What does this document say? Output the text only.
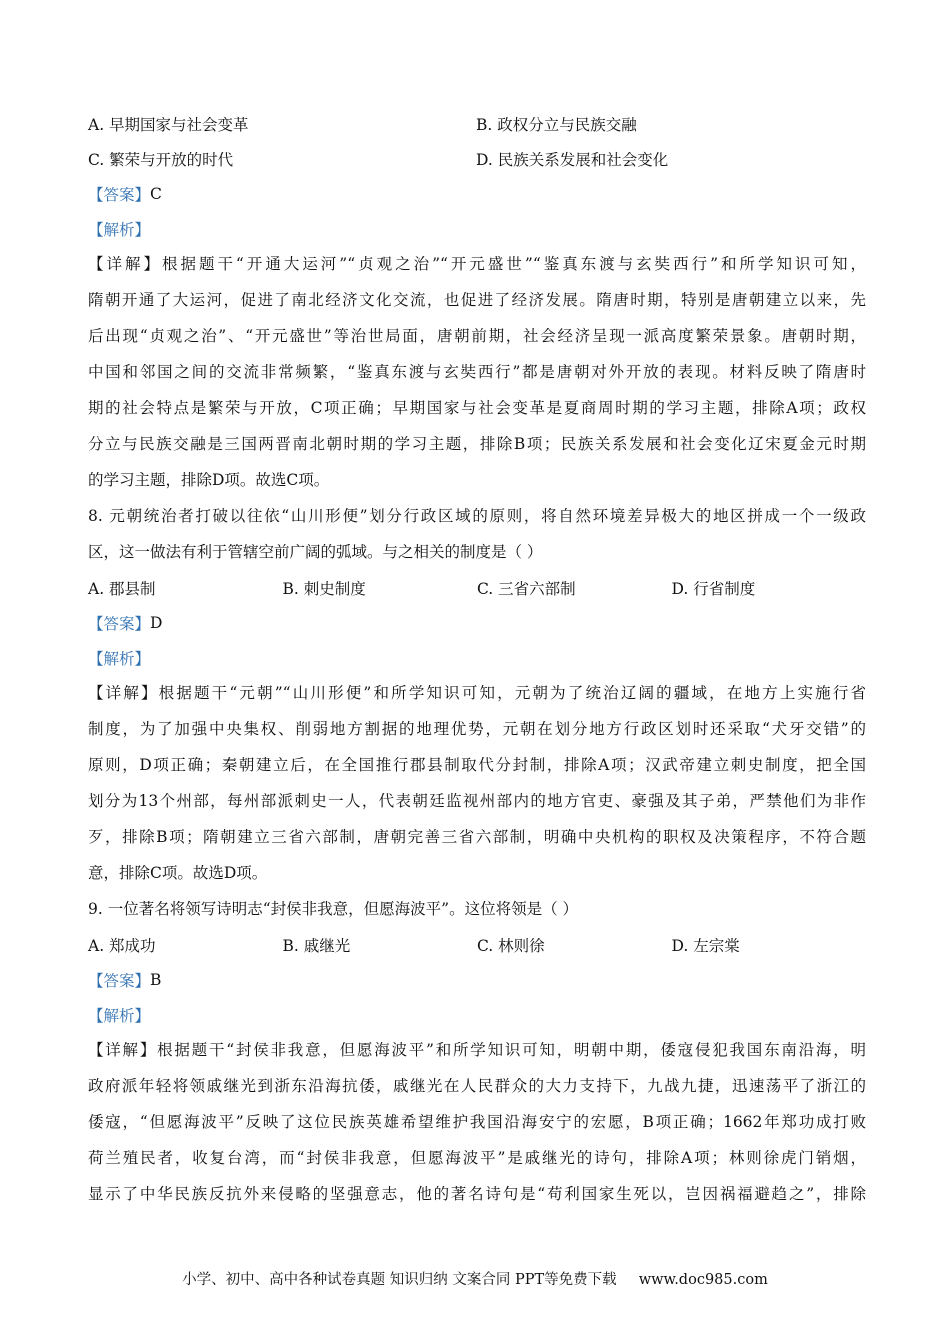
A. 早期国家与社会变革	B. 政权分立与民族交融
C. 繁荣与开放的时代	D. 民族关系发展和社会变化
【答案】 C
【解析】
【详解】根据题干“开通大运河”“贞观之治”“开元盛世”“鉴真东渡与玄奘西行”和所学知识可知，
隋朝开通了大运河，促进了南北经济文化交流，也促进了经济发展。隋唐时期，特别是唐朝建立以来，先
后出现“贞观之治”、“开元盛世”等治世局面，唐朝前期，社会经济呈现一派高度繁荣景象。唐朝时期，
中国和邻国之间的交流非常频繁，“鉴真东渡与玄奘西行”都是唐朝对外开放的表现。材料反映了隋唐时
期的社会特点是繁荣与开放，C项正确；早期国家与社会变革是夏商周时期的学习主题，排除A项；政权
分立与民族交融是三国两晋南北朝时期的学习主题，排除B项；民族关系发展和社会变化辽宋夏金元时期
的学习主题，排除D项。故选C项。
8. 元朝统治者打破以往依“山川形便”划分行政区域的原则，将自然环境差异极大的地区拼成一个一级政
区，这一做法有利于管辖空前广阔的弧域。与之相关的制度是（ ）
A. 郡县制	B. 刺史制度	C. 三省六部制	D. 行省制度
【答案】 D
【解析】
【详解】根据题干“元朝”“山川形便”和所学知识可知，元朝为了统治辽阔的疆域，在地方上实施行省
制度，为了加强中央集权、削弱地方割据的地理优势，元朝在划分地方行政区划时还采取“犬牙交错”的
原则，D项正确；秦朝建立后，在全国推行郡县制取代分封制，排除A项；汉武帝建立刺史制度，把全国
划分为13个州部，每州部派刺史一人，代表朝廷监视州部内的地方官吏、豪强及其子弟，严禁他们为非作
歹，排除B项；隋朝建立三省六部制，唐朝完善三省六部制，明确中央机构的职权及决策程序，不符合题
意，排除C项。故选D项。
9. 一位著名将领写诗明志“封侯非我意，但愿海波平”。这位将领是（ ）
A. 郑成功	B. 戚继光	C. 林则徐	D. 左宗棠
【答案】 B
【解析】
【详解】根据题干“封侯非我意，但愿海波平”和所学知识可知，明朝中期，倭寇侵犯我国东南沿海，明
政府派年轻将领戚继光到浙东沿海抗倭，戚继光在人民群众的大力支持下，九战九捷，迅速荡平了浙江的
倭寇，“但愿海波平”反映了这位民族英雄希望维护我国沿海安宁的宏愿，B项正确；1662年郑功成打败
荷兰殖民者，收复台湾，而“封侯非我意，但愿海波平”是戚继光的诗句，排除A项；林则徐虎门销烟，
显示了中华民族反抗外来侵略的坚强意志，他的著名诗句是“苟利国家生死以，岂因祸福避趋之”，排除
小学、初中、高中各种试卷真题 知识归纳 文案合同 PPT等免费下载 www.doc985.com
